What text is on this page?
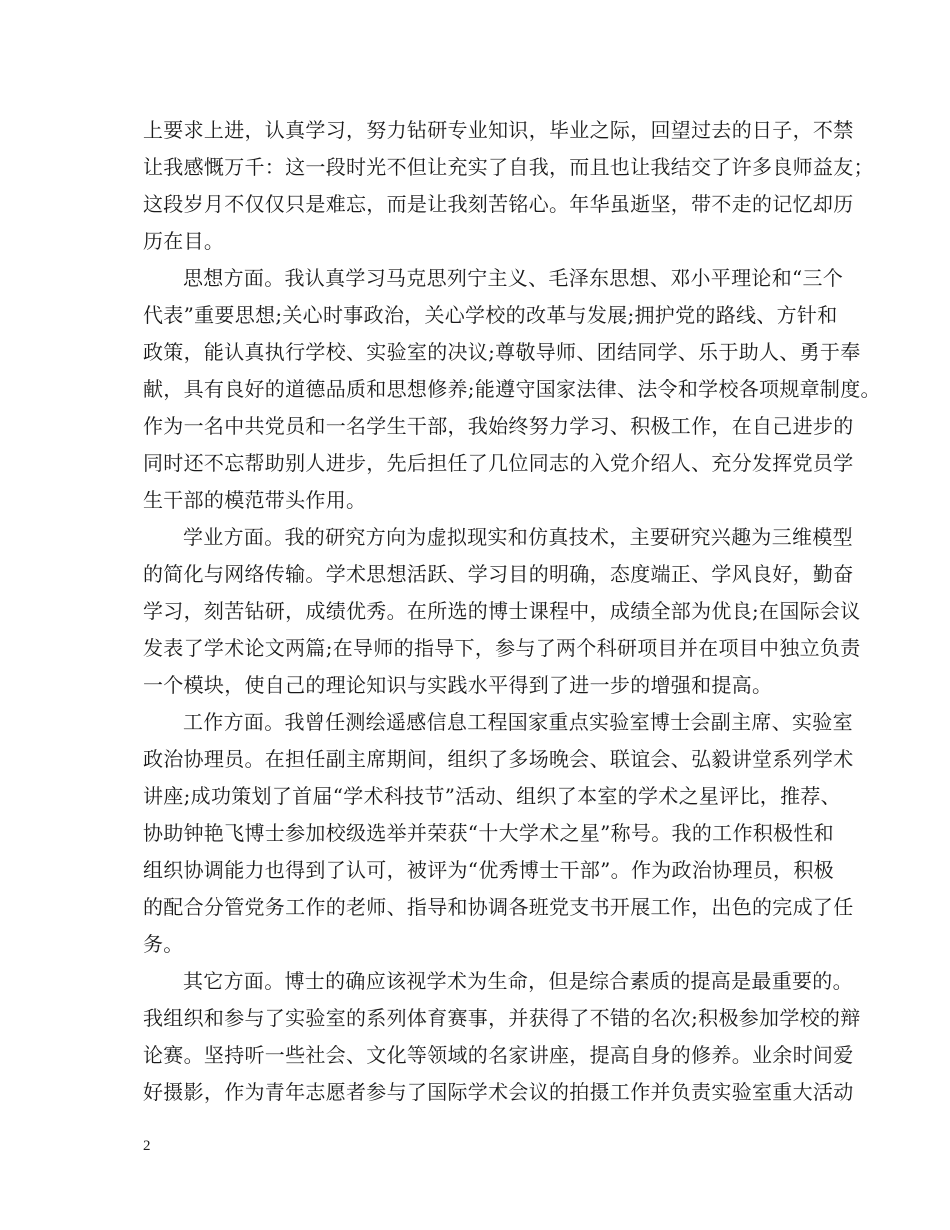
上要求上进，认真学习，努力钻研专业知识，毕业之际，回望过去的日子，不禁
让我感慨万千：这一段时光不但让充实了自我，而且也让我结交了许多良师益友；
这段岁月不仅仅只是难忘，而是让我刻苦铭心。年华虽逝坚，带不走的记忆却历
历在目。
思想方面。我认真学习马克思列宁主义、毛泽东思想、邓小平理论和“三个
代表”重要思想;关心时事政治，关心学校的改革与发展;拥护党的路线、方针和
政策，能认真执行学校、实验室的决议;尊敬导师、团结同学、乐于助人、勇于奉
献，具有良好的道德品质和思想修养;能遵守国家法律、法令和学校各项规章制度。
作为一名中共党员和一名学生干部，我始终努力学习、积极工作，在自己进步的
同时还不忘帮助别人进步，先后担任了几位同志的入党介绍人、充分发挥党员学
生干部的模范带头作用。
学业方面。我的研究方向为虚拟现实和仿真技术，主要研究兴趣为三维模型
的简化与网络传输。学术思想活跃、学习目的明确，态度端正、学风良好，勤奋
学习，刻苦钻研，成绩优秀。在所选的博士课程中，成绩全部为优良;在国际会议
发表了学术论文两篇;在导师的指导下，参与了两个科研项目并在项目中独立负责
一个模块，使自己的理论知识与实践水平得到了进一步的增强和提高。
工作方面。我曾任测绘遥感信息工程国家重点实验室博士会副主席、实验室
政治协理员。在担任副主席期间，组织了多场晚会、联谊会、弘毅讲堂系列学术
讲座;成功策划了首届“学术科技节”活动、组织了本室的学术之星评比，推荐、
协助钟艳飞博士参加校级选举并荣获“十大学术之星”称号。我的工作积极性和
组织协调能力也得到了认可，被评为“优秀博士干部”。作为政治协理员，积极
的配合分管党务工作的老师、指导和协调各班党支书开展工作，出色的完成了任
务。
其它方面。博士的确应该视学术为生命，但是综合素质的提高是最重要的。
我组织和参与了实验室的系列体育赛事，并获得了不错的名次;积极参加学校的辩
论赛。坚持听一些社会、文化等领域的名家讲座，提高自身的修养。业余时间爱
好摄影，作为青年志愿者参与了国际学术会议的拍摄工作并负责实验室重大活动
2
